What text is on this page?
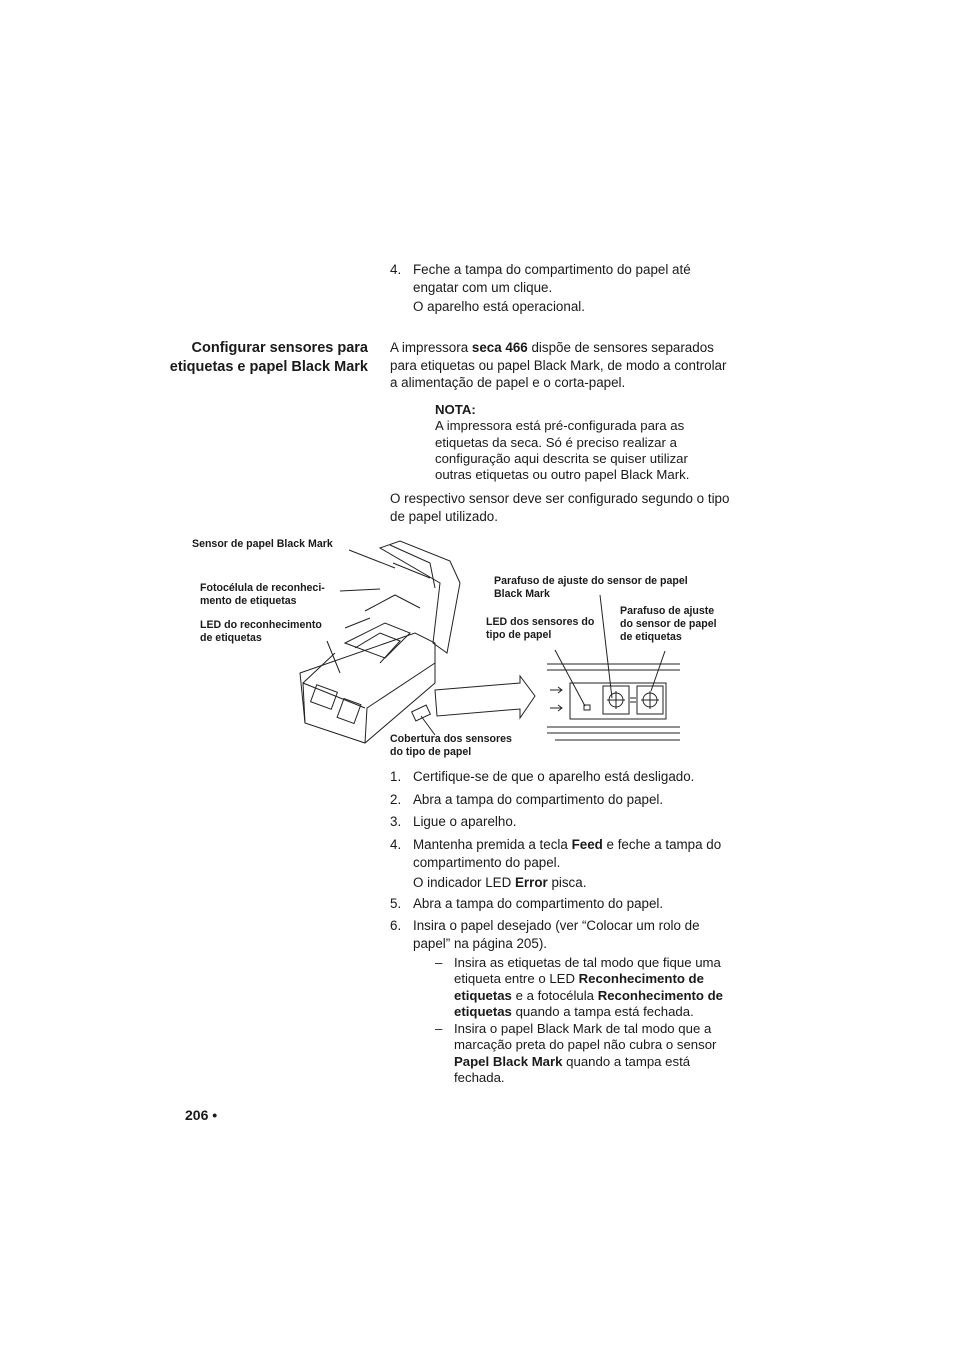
4. Feche a tampa do compartimento do papel até engatar com um clique.
O aparelho está operacional.
Configurar sensores para etiquetas e papel Black Mark
A impressora seca 466 dispõe de sensores separados para etiquetas ou papel Black Mark, de modo a controlar a alimentação de papel e o corta-papel.
NOTA:
A impressora está pré-configurada para as etiquetas da seca. Só é preciso realizar a configuração aqui descrita se quiser utilizar outras etiquetas ou outro papel Black Mark.
O respectivo sensor deve ser configurado segundo o tipo de papel utilizado.
Sensor de papel Black Mark
Fotocélula de reconheci-
mento de etiquetas
LED do reconhecimento
de etiquetas
Cobertura dos sensores
do tipo de papel
Parafuso de ajuste do sensor de papel
Black Mark
LED dos sensores do
tipo de papel
Parafuso de ajuste
do sensor de papel
de etiquetas
1. Certifique-se de que o aparelho está desligado.
2. Abra a tampa do compartimento do papel.
3. Ligue o aparelho.
4. Mantenha premida a tecla Feed e feche a tampa do compartimento do papel.
O indicador LED Error pisca.
5. Abra a tampa do compartimento do papel.
6. Insira o papel desejado (ver “Colocar um rolo de papel” na página 205).
– Insira as etiquetas de tal modo que fique uma etiqueta entre o LED Reconhecimento de etiquetas e a fotocélula Reconhecimento de etiquetas quando a tampa está fechada.
– Insira o papel Black Mark de tal modo que a marcação preta do papel não cubra o sensor Papel Black Mark quando a tampa está fechada.
206 •
